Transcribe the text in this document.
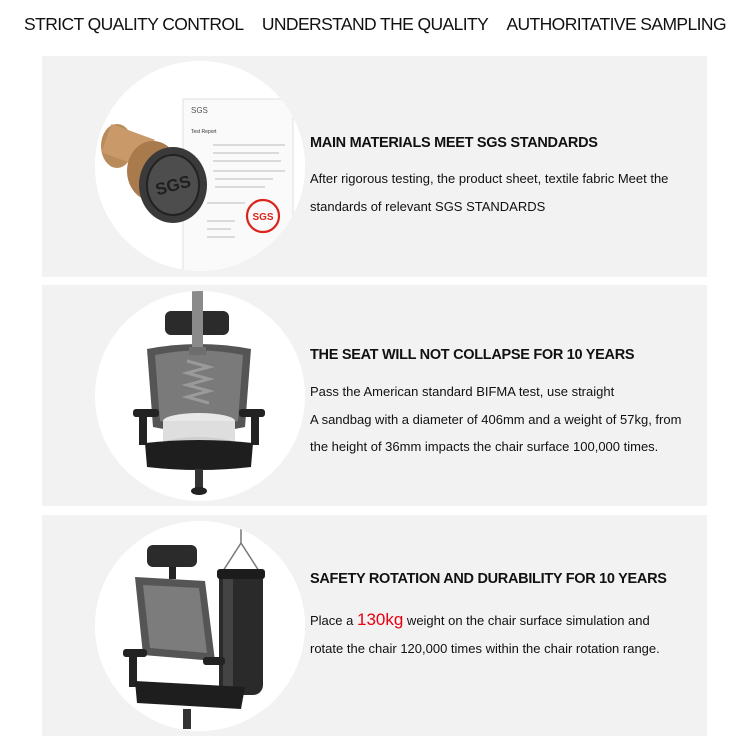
STRICT QUALITY CONTROL UNDERSTAND THE QUALITY AUTHORITATIVE SAMPLING
SGS
Test Report
SGS
SGS
MAIN MATERIALS MEET SGS STANDARDS
After rigorous testing, the product sheet, textile fabric Meet the
standards of relevant SGS STANDARDS
THE SEAT WILL NOT COLLAPSE FOR 10 YEARS
Pass the American standard BIFMA test, use straight
A sandbag with a diameter of 406mm and a weight of 57kg, from
the height of 36mm impacts the chair surface 100,000 times.
SAFETY ROTATION AND DURABILITY FOR 10 YEARS
Place a 130kg weight on the chair surface simulation and
rotate the chair 120,000 times within the chair rotation range.
